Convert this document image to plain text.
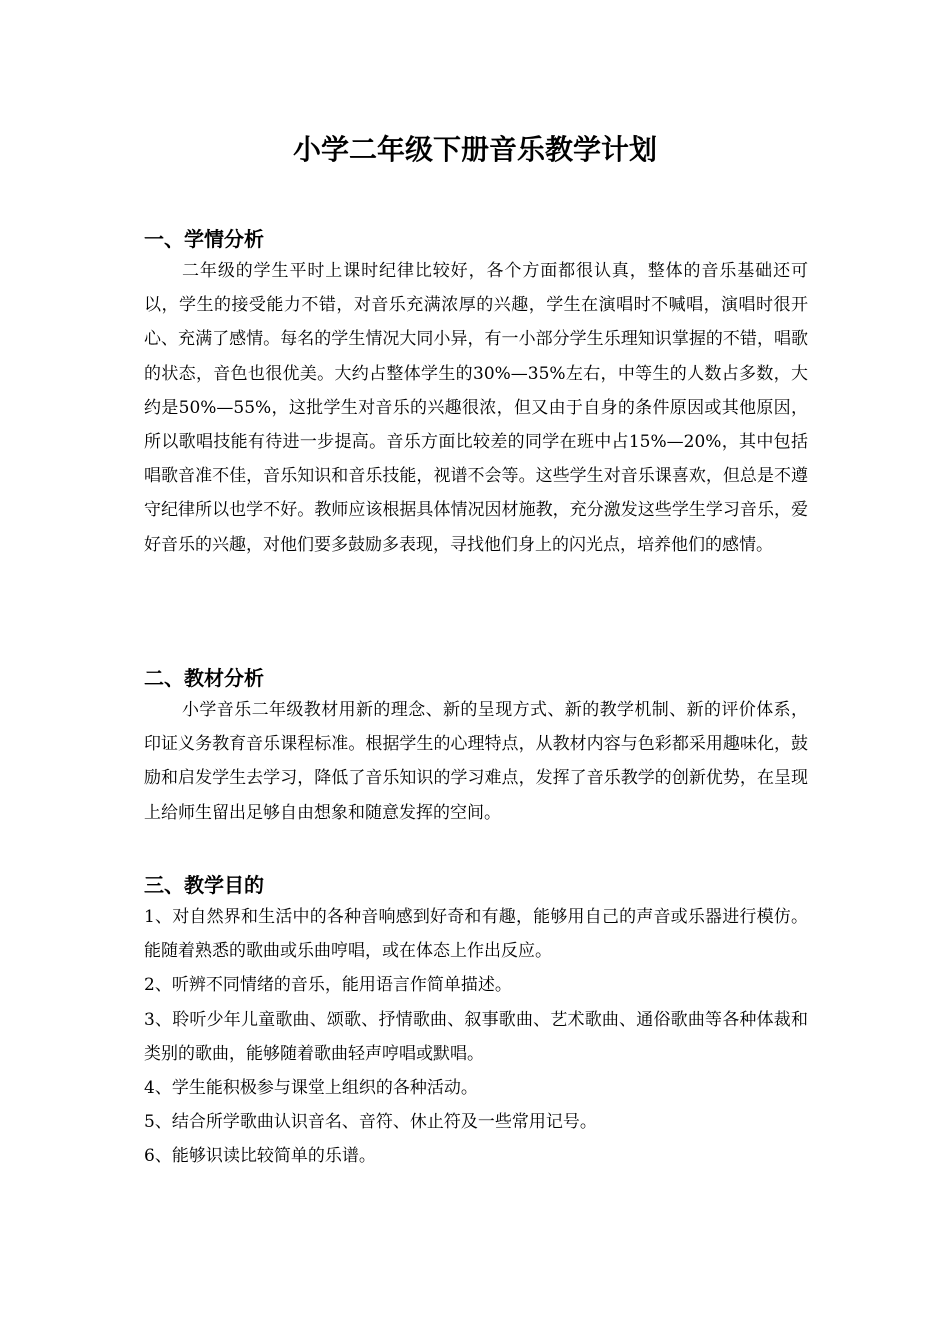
小学二年级下册音乐教学计划
一、学情分析

二年级的学生平时上课时纪律比较好，各个方面都很认真，整体的音乐基础还可以，学生的接受能力不错，对音乐充满浓厚的兴趣，学生在演唱时不喊唱，演唱时很开心、充满了感情。每名的学生情况大同小异，有一小部分学生乐理知识掌握的不错，唱歌的状态，音色也很优美。大约占整体学生的30%—35%左右，中等生的人数占多数，大约是50%—55%，这批学生对音乐的兴趣很浓，但又由于自身的条件原因或其他原因，所以歌唱技能有待进一步提高。音乐方面比较差的同学在班中占15%—20%，其中包括唱歌音准不佳，音乐知识和音乐技能，视谱不会等。这些学生对音乐课喜欢，但总是不遵守纪律所以也学不好。教师应该根据具体情况因材施教，充分激发这些学生学习音乐，爱好音乐的兴趣，对他们要多鼓励多表现，寻找他们身上的闪光点，培养他们的感情。

二、教材分析

小学音乐二年级教材用新的理念、新的呈现方式、新的教学机制、新的评价体系，印证义务教育音乐课程标准。根据学生的心理特点，从教材内容与色彩都采用趣味化，鼓励和启发学生去学习，降低了音乐知识的学习难点，发挥了音乐教学的创新优势，在呈现上给师生留出足够自由想象和随意发挥的空间。

三、教学目的
1、对自然界和生活中的各种音响感到好奇和有趣，能够用自己的声音或乐器进行模仿。能随着熟悉的歌曲或乐曲哼唱，或在体态上作出反应。
2、听辨不同情绪的音乐，能用语言作简单描述。
3、聆听少年儿童歌曲、颂歌、抒情歌曲、叙事歌曲、艺术歌曲、通俗歌曲等各种体裁和类别的歌曲，能够随着歌曲轻声哼唱或默唱。
4、学生能积极参与课堂上组织的各种活动。
5、结合所学歌曲认识音名、音符、休止符及一些常用记号。
6、能够识读比较简单的乐谱。
